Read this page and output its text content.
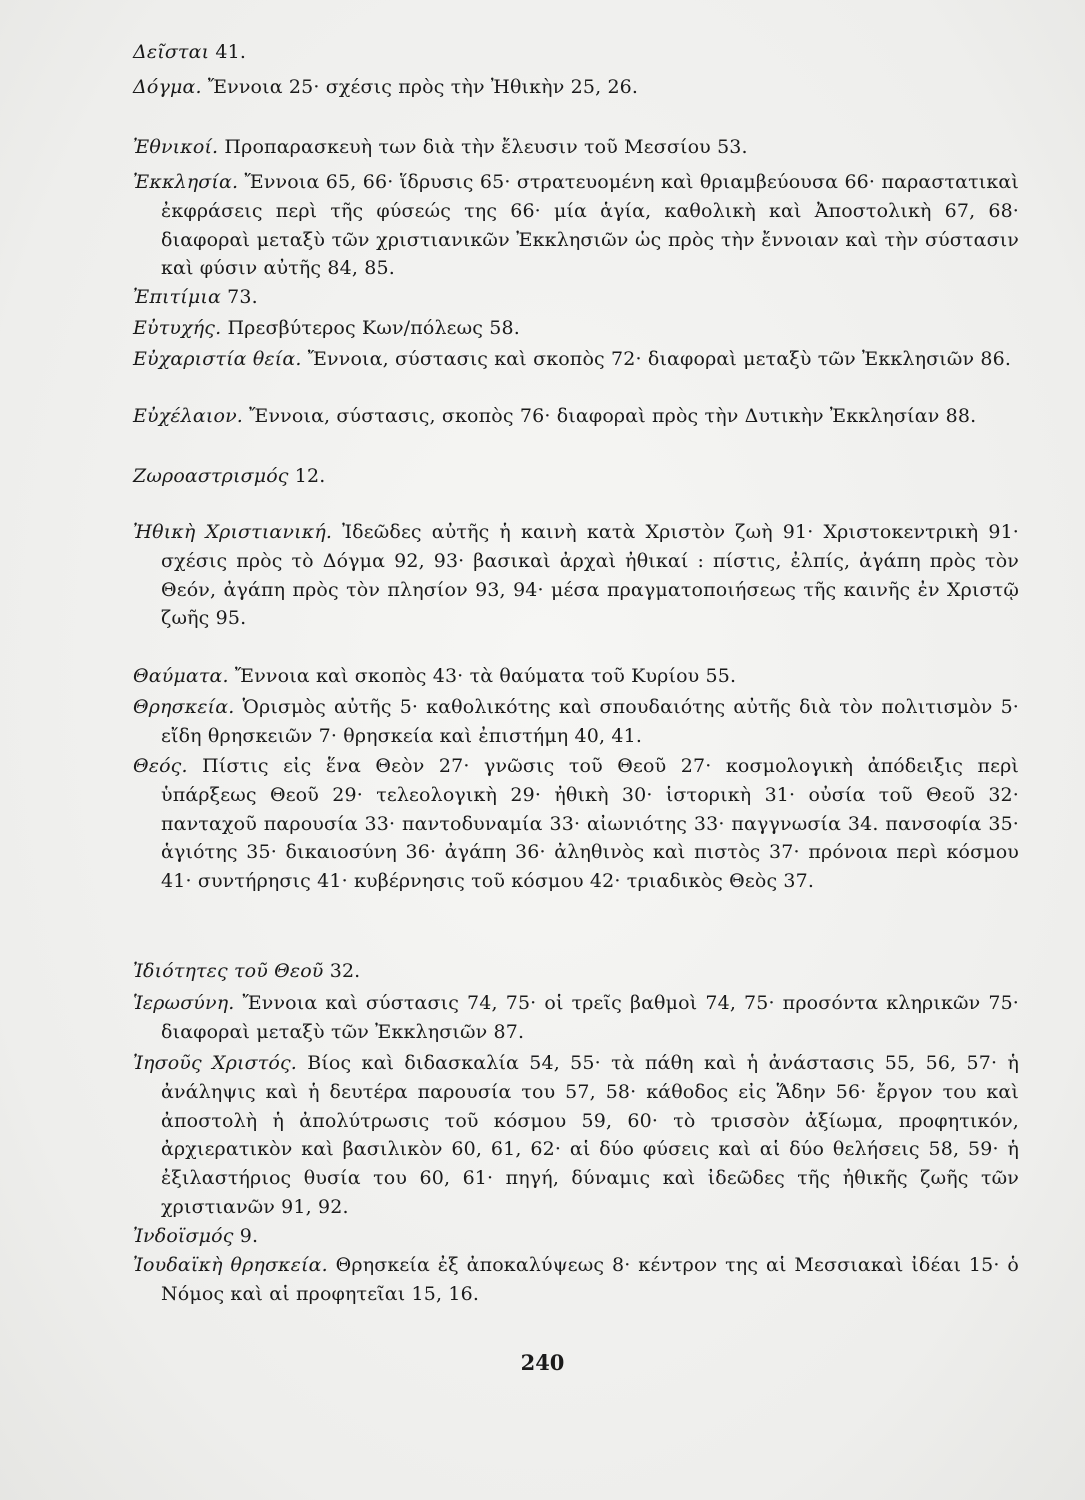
Δεῖσται 41.
Δόγμα. Ἔννοια 25· σχέσις πρὸς τὴν Ἠθικὴν 25, 26.
Ἐθνικοί. Προπαρασκευὴ των διὰ τὴν ἔλευσιν τοῦ Μεσσίου 53.
Ἐκκλησία. Ἔννοια 65, 66· ἵδρυσις 65· στρατευομένη καὶ θριαμβεύουσα 66· παραστατικαὶ ἐκφράσεις περὶ τῆς φύσεώς της 66· μία ἁγία, καθολικὴ καὶ Ἀποστολικὴ 67, 68· διαφοραὶ μεταξὺ τῶν χριστιανικῶν Ἐκκλησιῶν ὡς πρὸς τὴν ἔννοιαν καὶ τὴν σύστασιν καὶ φύσιν αὐτῆς 84, 85.
Ἐπιτίμια 73.
Εὐτυχής. Πρεσβύτερος Κων/πόλεως 58.
Εὐχαριστία θεία. Ἔννοια, σύστασις καὶ σκοπὸς 72· διαφοραὶ μεταξὺ τῶν Ἐκκλησιῶν 86.
Εὐχέλαιον. Ἔννοια, σύστασις, σκοπὸς 76· διαφοραὶ πρὸς τὴν Δυτικὴν Ἐκκλησίαν 88.
Ζωροαστρισμός 12.
Ἠθικὴ Χριστιανική. Ἰδεῶδες αὐτῆς ἡ καινὴ κατὰ Χριστὸν ζωὴ 91· Χριστοκεντρικὴ 91· σχέσις πρὸς τὸ Δόγμα 92, 93· βασικαὶ ἀρχαὶ ἠθικαί : πίστις, ἐλπίς, ἀγάπη πρὸς τὸν Θεόν, ἀγάπη πρὸς τὸν πλησίον 93, 94· μέσα πραγματοποιήσεως τῆς καινῆς ἐν Χριστῷ ζωῆς 95.
Θαύματα. Ἔννοια καὶ σκοπὸς 43· τὰ θαύματα τοῦ Κυρίου 55.
Θρησκεία. Ὁρισμὸς αὐτῆς 5· καθολικότης καὶ σπουδαιότης αὐτῆς διὰ τὸν πολιτισμὸν 5· εἴδη θρησκειῶν 7· θρησκεία καὶ ἐπιστήμη 40, 41.
Θεός. Πίστις εἰς ἕνα Θεὸν 27· γνῶσις τοῦ Θεοῦ 27· κοσμολογικὴ ἀπόδειξις περὶ ὑπάρξεως Θεοῦ 29· τελεολογικὴ 29· ἠθικὴ 30· ἱστορικὴ 31· οὐσία τοῦ Θεοῦ 32· πανταχοῦ παρουσία 33· παντοδυναμία 33· αἰωνιότης 33· παγγνωσία 34. πανσοφία 35· ἁγιότης 35· δικαιοσύνη 36· ἀγάπη 36· ἀληθινὸς καὶ πιστὸς 37· πρόνοια περὶ κόσμου 41· συντήρησις 41· κυβέρνησις τοῦ κόσμου 42· τριαδικὸς Θεὸς 37.
Ἰδιότητες τοῦ Θεοῦ 32.
Ἱερωσύνη. Ἔννοια καὶ σύστασις 74, 75· οἱ τρεῖς βαθμοὶ 74, 75· προσόντα κληρικῶν 75· διαφοραὶ μεταξὺ τῶν Ἐκκλησιῶν 87.
Ἰησοῦς Χριστός. Βίος καὶ διδασκαλία 54, 55· τὰ πάθη καὶ ἡ ἀνάστασις 55, 56, 57· ἡ ἀνάληψις καὶ ἡ δευτέρα παρουσία του 57, 58· κάθοδος εἰς Ἅδην 56· ἔργον του καὶ ἀποστολὴ ἡ ἀπολύτρωσις τοῦ κόσμου 59, 60· τὸ τρισσὸν ἀξίωμα, προφητικόν, ἀρχιερατικὸν καὶ βασιλικὸν 60, 61, 62· αἱ δύο φύσεις καὶ αἱ δύο θελήσεις 58, 59· ἡ ἐξιλαστήριος θυσία του 60, 61· πηγή, δύναμις καὶ ἰδεῶδες τῆς ἠθικῆς ζωῆς τῶν χριστιανῶν 91, 92.
Ἰνδοϊσμός 9.
Ἰουδαϊκὴ θρησκεία. Θρησκεία ἐξ ἀποκαλύψεως 8· κέντρον της αἱ Μεσσιακαὶ ἰδέαι 15· ὁ Νόμος καὶ αἱ προφητεῖαι 15, 16.
240
